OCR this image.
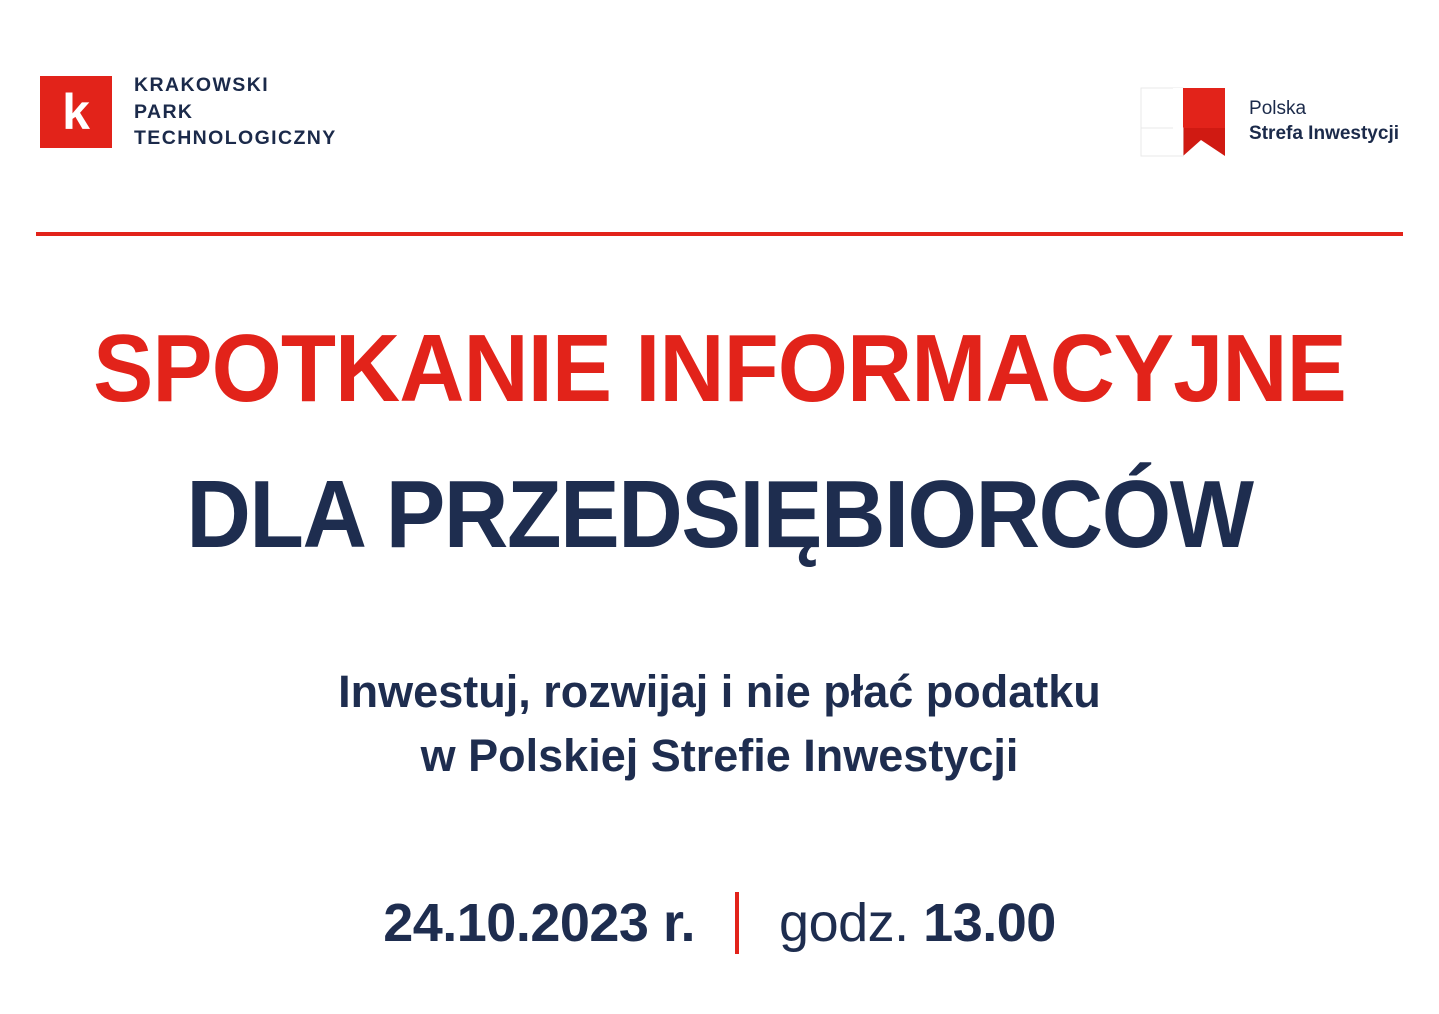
k	KRAKOWSKI
PARK
TECHNOLOGICZNY
Polska
Strefa Inwestycji
SPOTKANIE INFORMACYJNE
DLA PRZEDSIĘBIORCÓW
Inwestuj, rozwijaj i nie płać podatku
w Polskiej Strefie Inwestycji
24.10.2023 r. godz. 13.00
